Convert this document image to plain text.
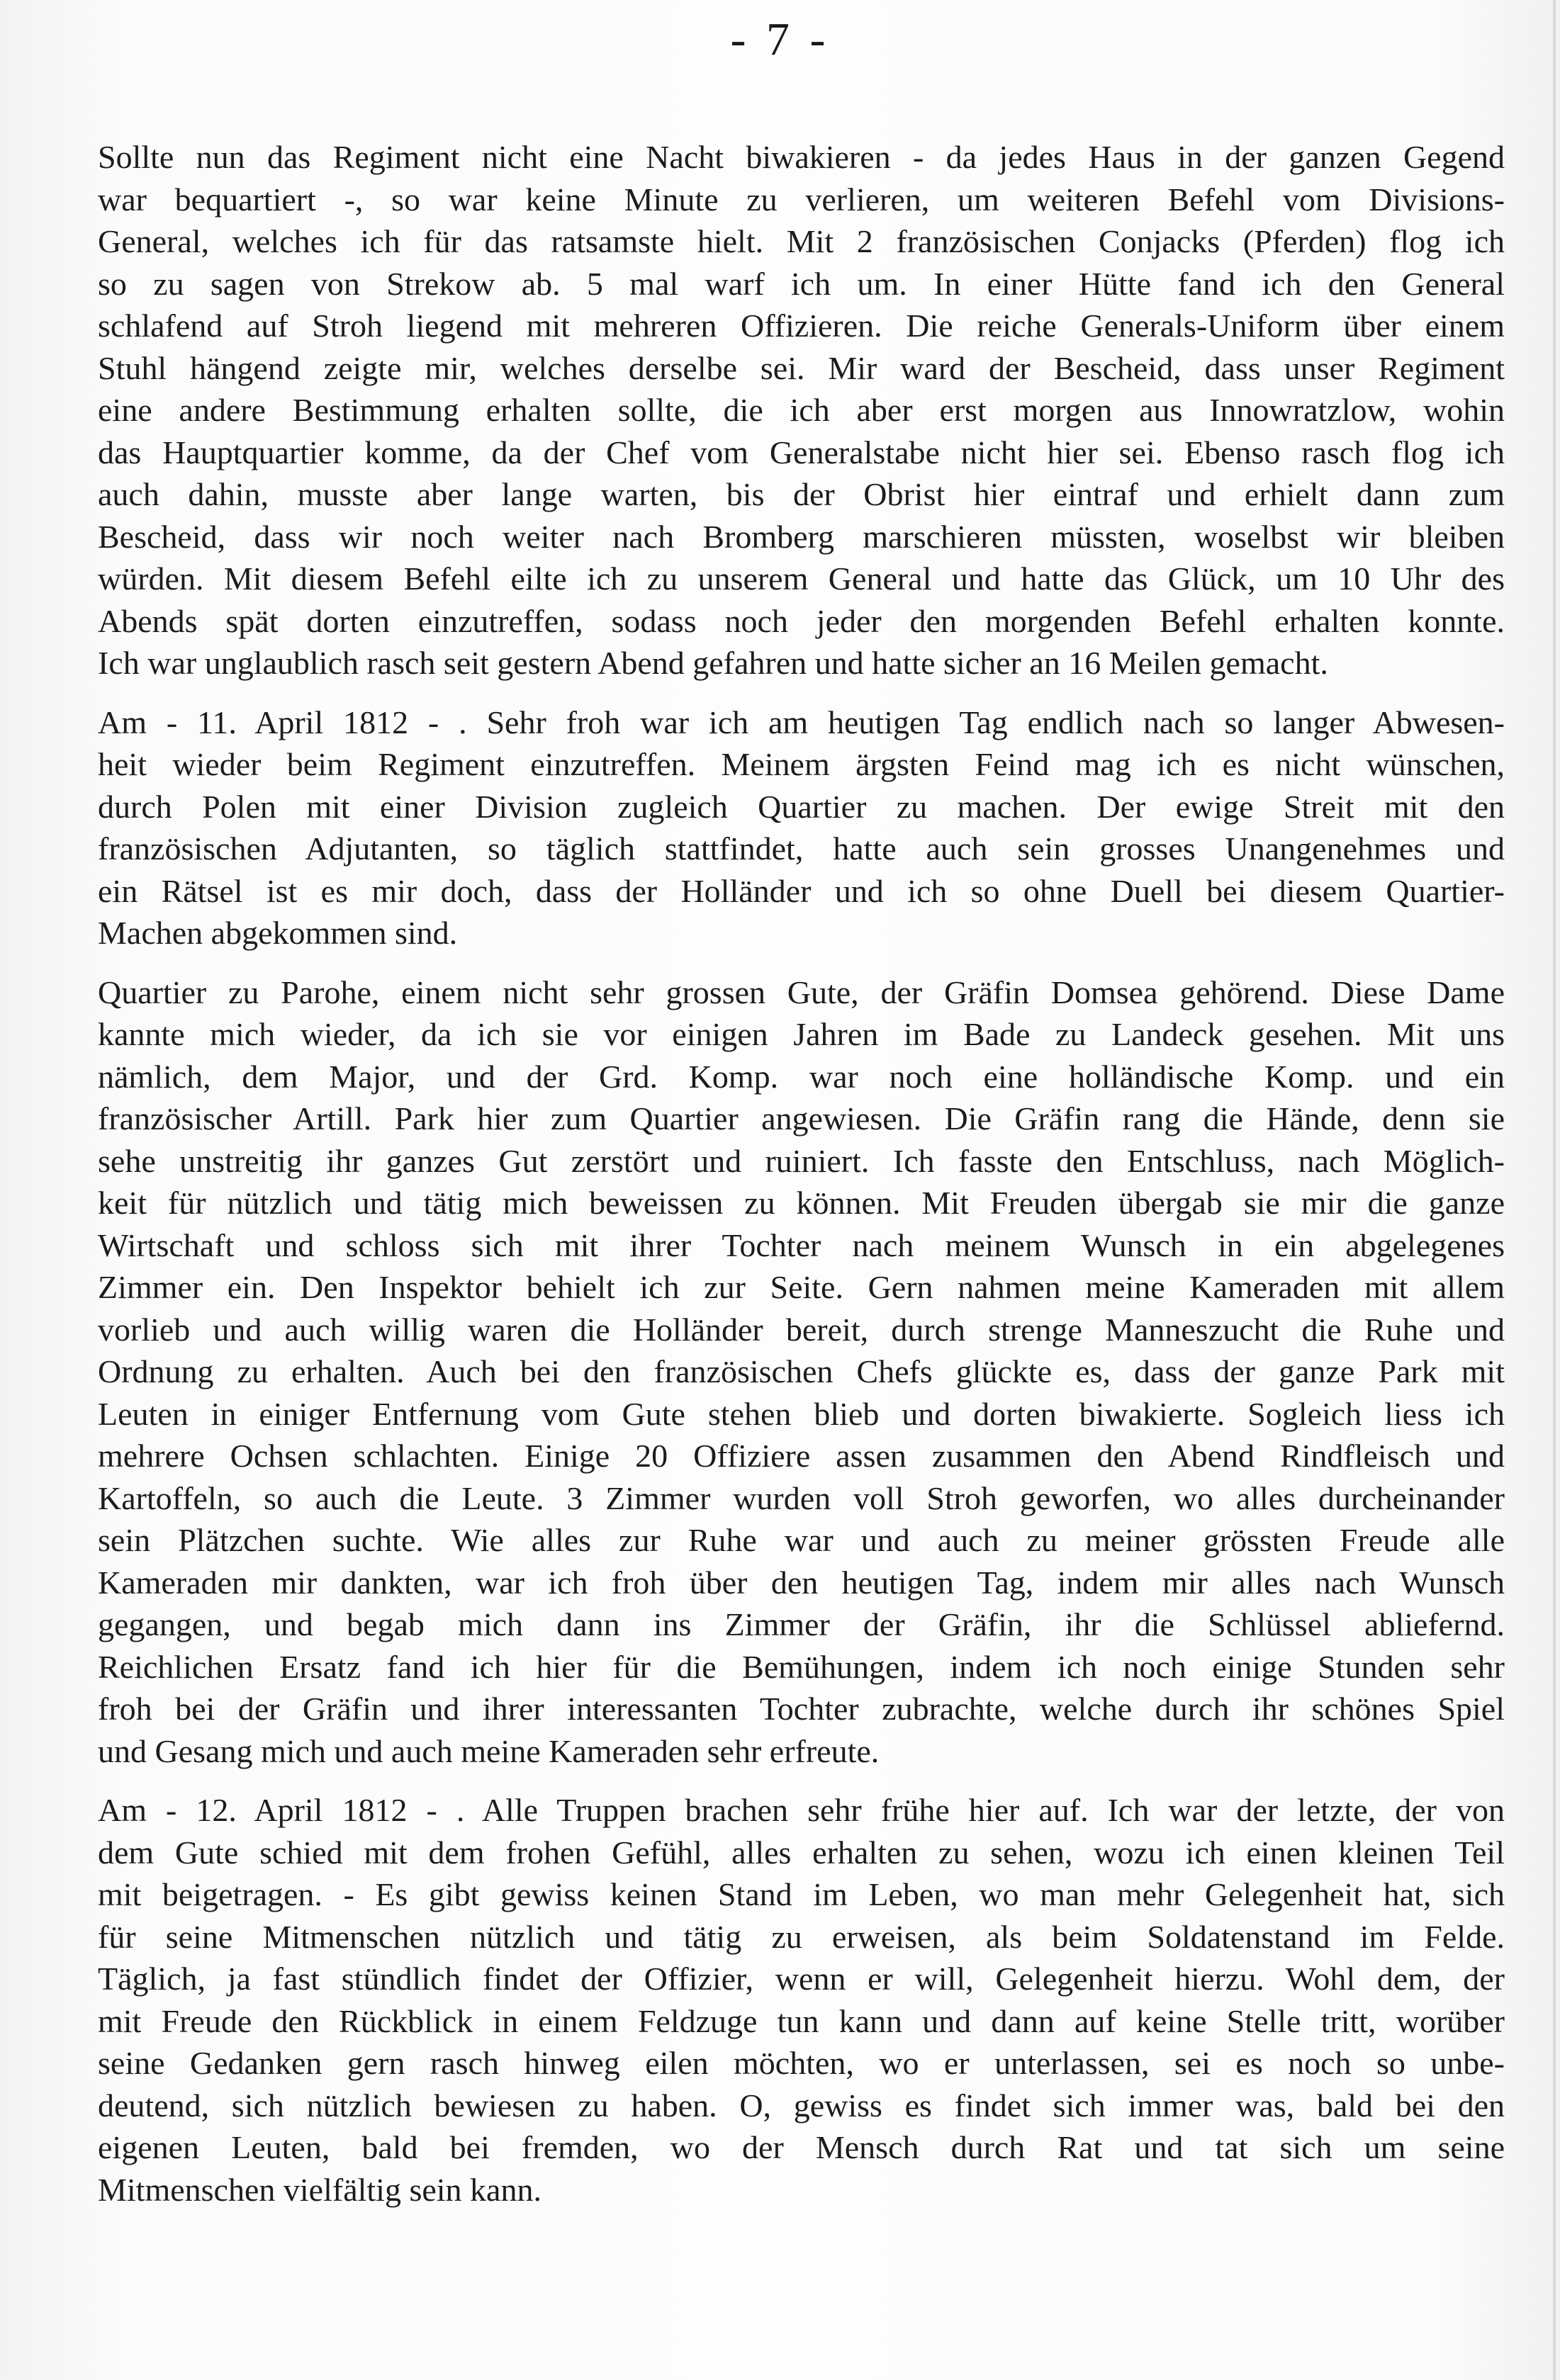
- 7 -
Sollte nun das Regiment nicht eine Nacht biwakieren - da jedes Haus in der ganzen Gegend
war bequartiert -, so war keine Minute zu verlieren, um weiteren Befehl vom Divisions-
General, welches ich für das ratsamste hielt. Mit 2 französischen Conjacks (Pferden) flog ich
so zu sagen von Strekow ab. 5 mal warf ich um. In einer Hütte fand ich den General
schlafend auf Stroh liegend mit mehreren Offizieren. Die reiche Generals-Uniform über einem
Stuhl hängend zeigte mir, welches derselbe sei. Mir ward der Bescheid, dass unser Regiment
eine andere Bestimmung erhalten sollte, die ich aber erst morgen aus Innowratzlow, wohin
das Hauptquartier komme, da der Chef vom Generalstabe nicht hier sei. Ebenso rasch flog ich
auch dahin, musste aber lange warten, bis der Obrist hier eintraf und erhielt dann zum
Bescheid, dass wir noch weiter nach Bromberg marschieren müssten, woselbst wir bleiben
würden. Mit diesem Befehl eilte ich zu unserem General und hatte das Glück, um 10 Uhr des
Abends spät dorten einzutreffen, sodass noch jeder den morgenden Befehl erhalten konnte.
Ich war unglaublich rasch seit gestern Abend gefahren und hatte sicher an 16 Meilen gemacht.
Am - 11. April 1812 - . Sehr froh war ich am heutigen Tag endlich nach so langer Abwesen-
heit wieder beim Regiment einzutreffen. Meinem ärgsten Feind mag ich es nicht wünschen,
durch Polen mit einer Division zugleich Quartier zu machen. Der ewige Streit mit den
französischen Adjutanten, so täglich stattfindet, hatte auch sein grosses Unangenehmes und
ein Rätsel ist es mir doch, dass der Holländer und ich so ohne Duell bei diesem Quartier-
Machen abgekommen sind.
Quartier zu Parohe, einem nicht sehr grossen Gute, der Gräfin Domsea gehörend. Diese Dame
kannte mich wieder, da ich sie vor einigen Jahren im Bade zu Landeck gesehen. Mit uns
nämlich, dem Major, und der Grd. Komp. war noch eine holländische Komp. und ein
französischer Artill. Park hier zum Quartier angewiesen. Die Gräfin rang die Hände, denn sie
sehe unstreitig ihr ganzes Gut zerstört und ruiniert. Ich fasste den Entschluss, nach Möglich-
keit für nützlich und tätig mich beweissen zu können. Mit Freuden übergab sie mir die ganze
Wirtschaft und schloss sich mit ihrer Tochter nach meinem Wunsch in ein abgelegenes
Zimmer ein. Den Inspektor behielt ich zur Seite. Gern nahmen meine Kameraden mit allem
vorlieb und auch willig waren die Holländer bereit, durch strenge Manneszucht die Ruhe und
Ordnung zu erhalten. Auch bei den französischen Chefs glückte es, dass der ganze Park mit
Leuten in einiger Entfernung vom Gute stehen blieb und dorten biwakierte. Sogleich liess ich
mehrere Ochsen schlachten. Einige 20 Offiziere assen zusammen den Abend Rindfleisch und
Kartoffeln, so auch die Leute. 3 Zimmer wurden voll Stroh geworfen, wo alles durcheinander
sein Plätzchen suchte. Wie alles zur Ruhe war und auch zu meiner grössten Freude alle
Kameraden mir dankten, war ich froh über den heutigen Tag, indem mir alles nach Wunsch
gegangen, und begab mich dann ins Zimmer der Gräfin, ihr die Schlüssel abliefernd.
Reichlichen Ersatz fand ich hier für die Bemühungen, indem ich noch einige Stunden sehr
froh bei der Gräfin und ihrer interessanten Tochter zubrachte, welche durch ihr schönes Spiel
und Gesang mich und auch meine Kameraden sehr erfreute.
Am - 12. April 1812 - . Alle Truppen brachen sehr frühe hier auf. Ich war der letzte, der von
dem Gute schied mit dem frohen Gefühl, alles erhalten zu sehen, wozu ich einen kleinen Teil
mit beigetragen. - Es gibt gewiss keinen Stand im Leben, wo man mehr Gelegenheit hat, sich
für seine Mitmenschen nützlich und tätig zu erweisen, als beim Soldatenstand im Felde.
Täglich, ja fast stündlich findet der Offizier, wenn er will, Gelegenheit hierzu. Wohl dem, der
mit Freude den Rückblick in einem Feldzuge tun kann und dann auf keine Stelle tritt, worüber
seine Gedanken gern rasch hinweg eilen möchten, wo er unterlassen, sei es noch so unbe-
deutend, sich nützlich bewiesen zu haben. O, gewiss es findet sich immer was, bald bei den
eigenen Leuten, bald bei fremden, wo der Mensch durch Rat und tat sich um seine
Mitmenschen vielfältig sein kann.
